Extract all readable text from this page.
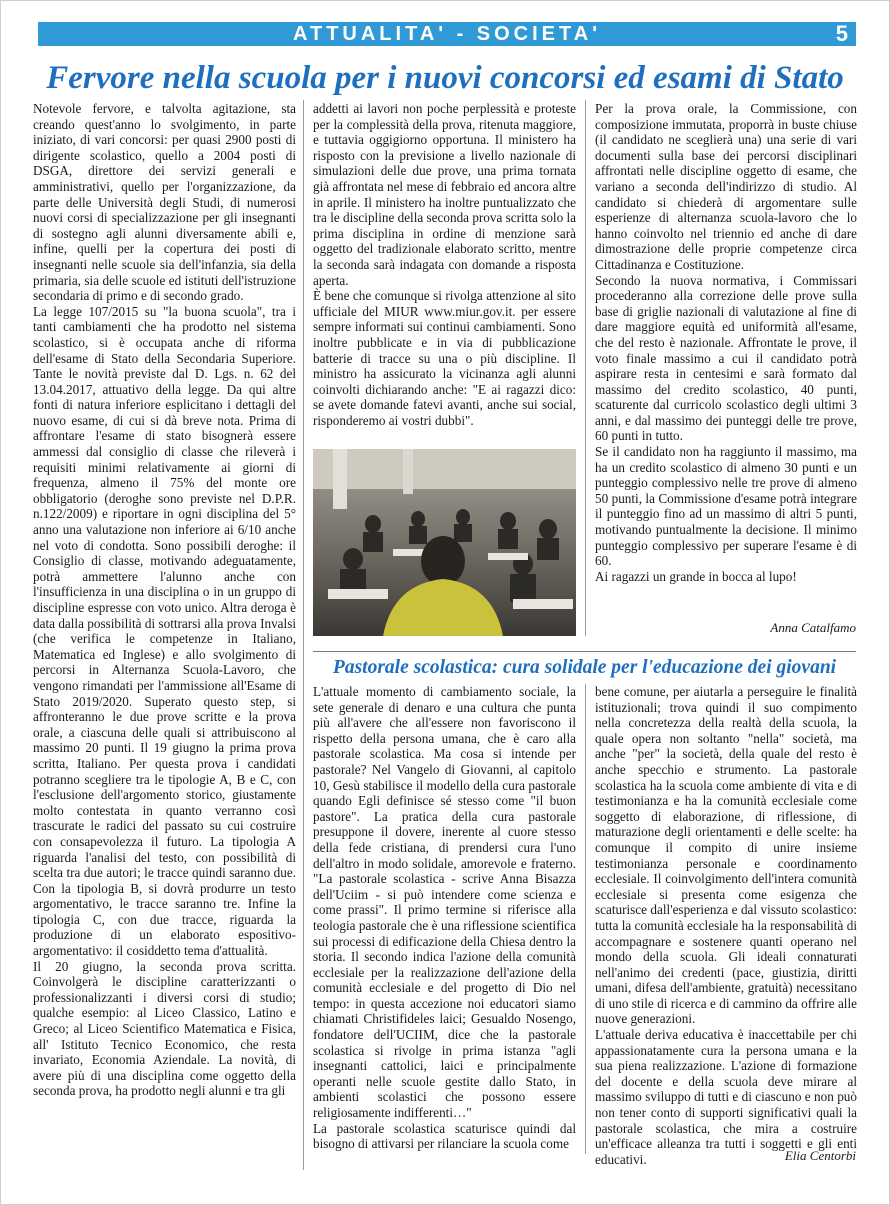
ATTUALITA' - SOCIETA'	5
Fervore nella scuola per i nuovi concorsi ed esami di Stato

Notevole fervore, e talvolta agitazione, sta creando quest'anno lo svolgimento, in parte iniziato, di vari concorsi: per quasi 2900 posti di dirigente scolastico, quello a 2004 posti di DSGA, direttore dei servizi generali e amministrativi, quello per l'organizzazione, da parte delle Università degli Studi, di numerosi nuovi corsi di specializzazione per gli insegnanti di sostegno agli alunni diversamente abili e, infine, quelli per la copertura dei posti di insegnanti nelle scuole sia dell'infanzia, sia della primaria, sia delle scuole ed istituti dell'istruzione secondaria di primo e di secondo grado.

La legge 107/2015 su "la buona scuola", tra i tanti cambiamenti che ha prodotto nel sistema scolastico, si è occupata anche di riforma dell'esame di Stato della Secondaria Superiore. Tante le novità previste dal D. Lgs. n. 62 del 13.04.2017, attuativo della legge. Da qui altre fonti di natura inferiore esplicitano i dettagli del nuovo esame, di cui si dà breve nota. Prima di affrontare l'esame di stato bisognerà essere ammessi dal consiglio di classe che rileverà i requisiti minimi relativamente ai giorni di frequenza, almeno il 75% del monte ore obbligatorio (deroghe sono previste nel D.P.R. n.122/2009) e riportare in ogni disciplina del 5° anno una valutazione non inferiore ai 6/10 anche nel voto di condotta. Sono possibili deroghe: il Consiglio di classe, motivando adeguatamente, potrà ammettere l'alunno anche con l'insufficienza in una disciplina o in un gruppo di discipline espresse con voto unico. Altra deroga è data dalla possibilità di sottrarsi alla prova Invalsi (che verifica le competenze in Italiano, Matematica ed Inglese) e allo svolgimento di percorsi in Alternanza Scuola-Lavoro, che vengono rimandati per l'ammissione all'Esame di Stato 2019/2020. Superato questo step, si affronteranno le due prove scritte e la prova orale, a ciascuna delle quali si attribuiscono al massimo 20 punti. Il 19 giugno la prima prova scritta, Italiano. Per questa prova i candidati potranno scegliere tra le tipologie A, B e C, con l'esclusione dell'argomento storico, giustamente molto contestata in quanto verranno così trascurate le radici del passato su cui costruire con consapevolezza il futuro. La tipologia A riguarda l'analisi del testo, con possibilità di scelta tra due autori; le tracce quindi saranno due. Con la tipologia B, si dovrà produrre un testo argomentativo, le tracce saranno tre. Infine la tipologia C, con due tracce, riguarda la produzione di un elaborato espositivo-argomentativo: il cosiddetto tema d'attualità.

Il 20 giugno, la seconda prova scritta. Coinvolgerà le discipline caratterizzanti o professionalizzanti i diversi corsi di studio; qualche esempio: al Liceo Classico, Latino e Greco; al Liceo Scientifico Matematica e Fisica, all' Istituto Tecnico Economico, che resta invariato, Economia Aziendale. La novità, di avere più di una disciplina come oggetto della seconda prova, ha prodotto negli alunni e tra gli

addetti ai lavori non poche perplessità e proteste per la complessità della prova, ritenuta maggiore, e tuttavia oggigiorno opportuna. Il ministero ha risposto con la previsione a livello nazionale di simulazioni delle due prove, una prima tornata già affrontata nel mese di febbraio ed ancora altre in aprile. Il ministero ha inoltre puntualizzato che tra le discipline della seconda prova scritta solo la prima disciplina in ordine di menzione sarà oggetto del tradizionale elaborato scritto, mentre la seconda sarà indagata con domande a risposta aperta.

È bene che comunque si rivolga attenzione al sito ufficiale del MIUR www.miur.gov.it. per essere sempre informati sui continui cambiamenti. Sono inoltre pubblicate e in via di pubblicazione batterie di tracce su una o più discipline. Il ministro ha assicurato la vicinanza agli alunni coinvolti dichiarando anche: "E ai ragazzi dico: se avete domande fatevi avanti, anche sui social, risponderemo ai vostri dubbi".

Per la prova orale, la Commissione, con composizione immutata, proporrà in buste chiuse (il candidato ne sceglierà una) una serie di vari documenti sulla base dei percorsi disciplinari affrontati nelle discipline oggetto di esame, che variano a seconda dell'indirizzo di studio. Al candidato si chiederà di argomentare sulle esperienze di alternanza scuola-lavoro che lo hanno coinvolto nel triennio ed anche di dare dimostrazione delle proprie competenze circa Cittadinanza e Costituzione.

Secondo la nuova normativa, i Commissari procederanno alla correzione delle prove sulla base di griglie nazionali di valutazione al fine di dare maggiore equità ed uniformità all'esame, che del resto è nazionale. Affrontate le prove, il voto finale massimo a cui il candidato potrà aspirare resta in centesimi e sarà formato dal massimo del credito scolastico, 40 punti, scaturente dal curricolo scolastico degli ultimi 3 anni, e dal massimo dei punteggi delle tre prove, 60 punti in tutto.

Se il candidato non ha raggiunto il massimo, ma ha un credito scolastico di almeno 30 punti e un punteggio complessivo nelle tre prove di almeno 50 punti, la Commissione d'esame potrà integrare il punteggio fino ad un massimo di altri 5 punti, motivando puntualmente la decisione. Il minimo punteggio complessivo per superare l'esame è di 60.

Ai ragazzi un grande in bocca al lupo!

Anna Catalfamo
Pastorale scolastica: cura solidale per l'educazione dei giovani

L'attuale momento di cambiamento sociale, la sete generale di denaro e una cultura che punta più all'avere che all'essere non favoriscono il rispetto della persona umana, che è caro alla pastorale scolastica. Ma cosa si intende per pastorale? Nel Vangelo di Giovanni, al capitolo 10, Gesù stabilisce il modello della cura pastorale quando Egli definisce sé stesso come "il buon pastore". La pratica della cura pastorale presuppone il dovere, inerente al cuore stesso della fede cristiana, di prendersi cura l'uno dell'altro in modo solidale, amorevole e fraterno. "La pastorale scolastica - scrive Anna Bisazza dell'Uciim - si può intendere come scienza e come prassi". Il primo termine si riferisce alla teologia pastorale che è una riflessione scientifica sui processi di edificazione della Chiesa dentro la storia. Il secondo indica l'azione della comunità ecclesiale per la realizzazione dell'azione della comunità ecclesiale e del progetto di Dio nel tempo: in questa accezione noi educatori siamo chiamati Christifideles laici; Gesualdo Nosengo, fondatore dell'UCIIM, dice che la pastorale scolastica si rivolge in prima istanza "agli insegnanti cattolici, laici e principalmente operanti nelle scuole gestite dallo Stato, in ambienti scolastici che possono essere religiosamente indifferenti…"

La pastorale scolastica scaturisce quindi dal bisogno di attivarsi per rilanciare la scuola come

bene comune, per aiutarla a perseguire le finalità istituzionali; trova quindi il suo compimento nella concretezza della realtà della scuola, la quale opera non soltanto "nella" società, ma anche "per" la società, della quale del resto è anche specchio e strumento. La pastorale scolastica ha la scuola come ambiente di vita e di testimonianza e ha la comunità ecclesiale come soggetto di elaborazione, di riflessione, di maturazione degli orientamenti e delle scelte: ha comunque il compito di unire insieme testimonianza personale e coordinamento ecclesiale. Il coinvolgimento dell'intera comunità ecclesiale si presenta come esigenza che scaturisce dall'esperienza e dal vissuto scolastico: tutta la comunità ecclesiale ha la responsabilità di accompagnare e sostenere quanti operano nel mondo della scuola. Gli ideali connaturati nell'animo dei credenti (pace, giustizia, diritti umani, difesa dell'ambiente, gratuità) necessitano di uno stile di ricerca e di cammino da offrire alle nuove generazioni.

L'attuale deriva educativa è inaccettabile per chi appassionatamente cura la persona umana e la sua piena realizzazione. L'azione di formazione del docente e della scuola deve mirare al massimo sviluppo di tutti e di ciascuno e non può non tener conto di supporti significativi quali la pastorale scolastica, che mira a costruire un'efficace alleanza tra tutti i soggetti e gli enti educativi.	Elia Centorbi
